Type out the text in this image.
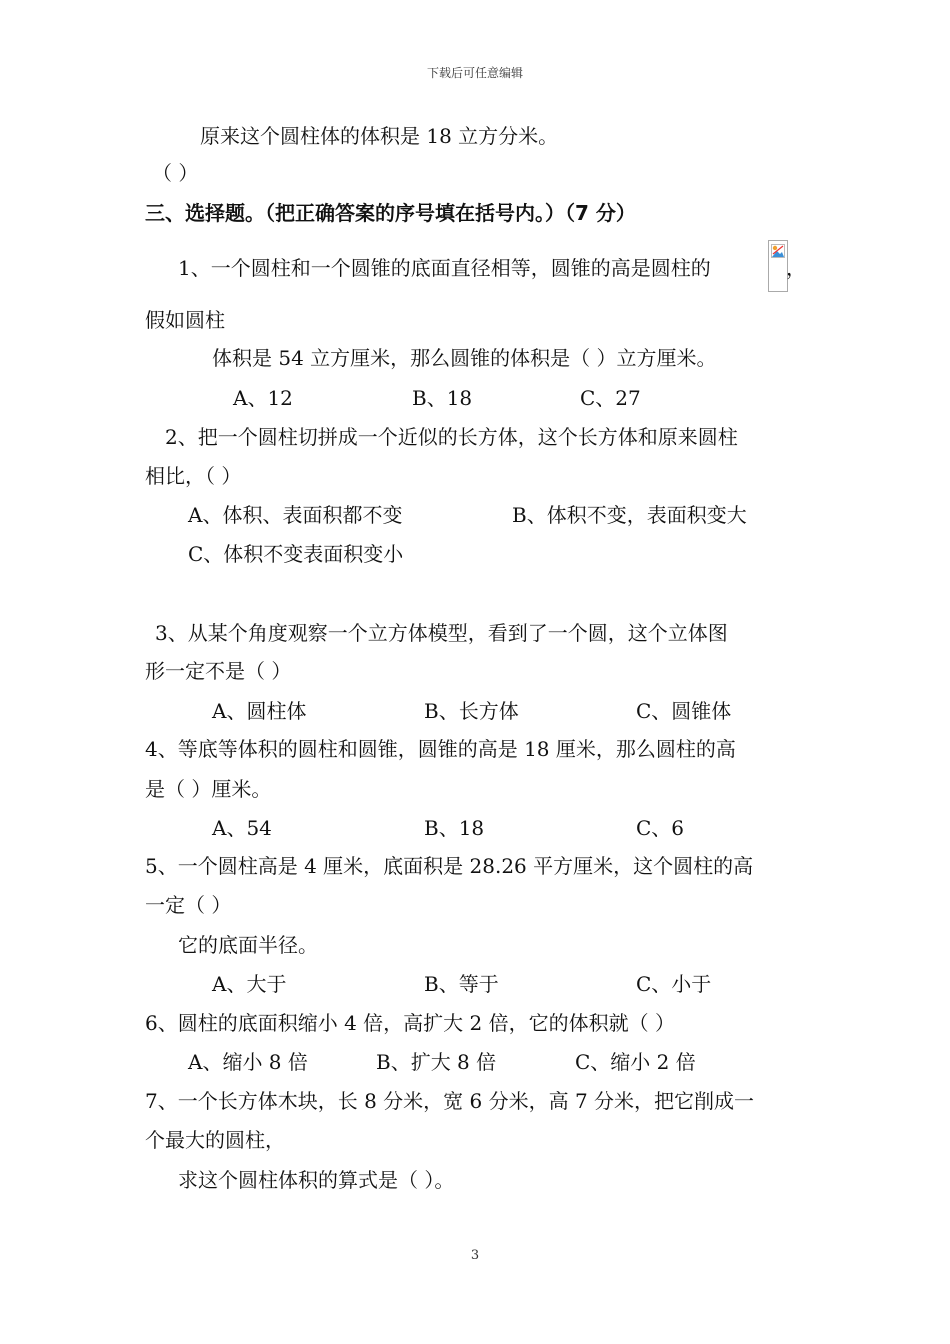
下载后可任意编辑
原来这个圆柱体的体积是 18 立方分米。
（ ）
三、选择题。（把正确答案的序号填在括号内。）（7 分）
1、一个圆柱和一个圆锥的底面直径相等，圆锥的高是圆柱的	，
假如圆柱
体积是 54 立方厘米，那么圆锥的体积是（ ）立方厘米。
A、12	B、18	C、27
2、把一个圆柱切拼成一个近似的长方体，这个长方体和原来圆柱
相比，（ ）
A、体积、表面积都不变	B、体积不变，表面积变大
C、体积不变表面积变小
3、从某个角度观察一个立方体模型，看到了一个圆，这个立体图
形一定不是（ ）
A、圆柱体	B、长方体	C、圆锥体
4、等底等体积的圆柱和圆锥，圆锥的高是 18 厘米，那么圆柱的高
是（ ）厘米。
A、54	B、18	C、6
5、一个圆柱高是 4 厘米，底面积是 28.26 平方厘米，这个圆柱的高
一定（ ）
它的底面半径。
A、大于	B、等于	C、小于
6、圆柱的底面积缩小 4 倍，高扩大 2 倍，它的体积就（ ）
A、缩小 8 倍	B、扩大 8 倍	C、缩小 2 倍
7、一个长方体木块，长 8 分米，宽 6 分米，高 7 分米，把它削成一
个最大的圆柱，
求这个圆柱体积的算式是（ ）。
3
